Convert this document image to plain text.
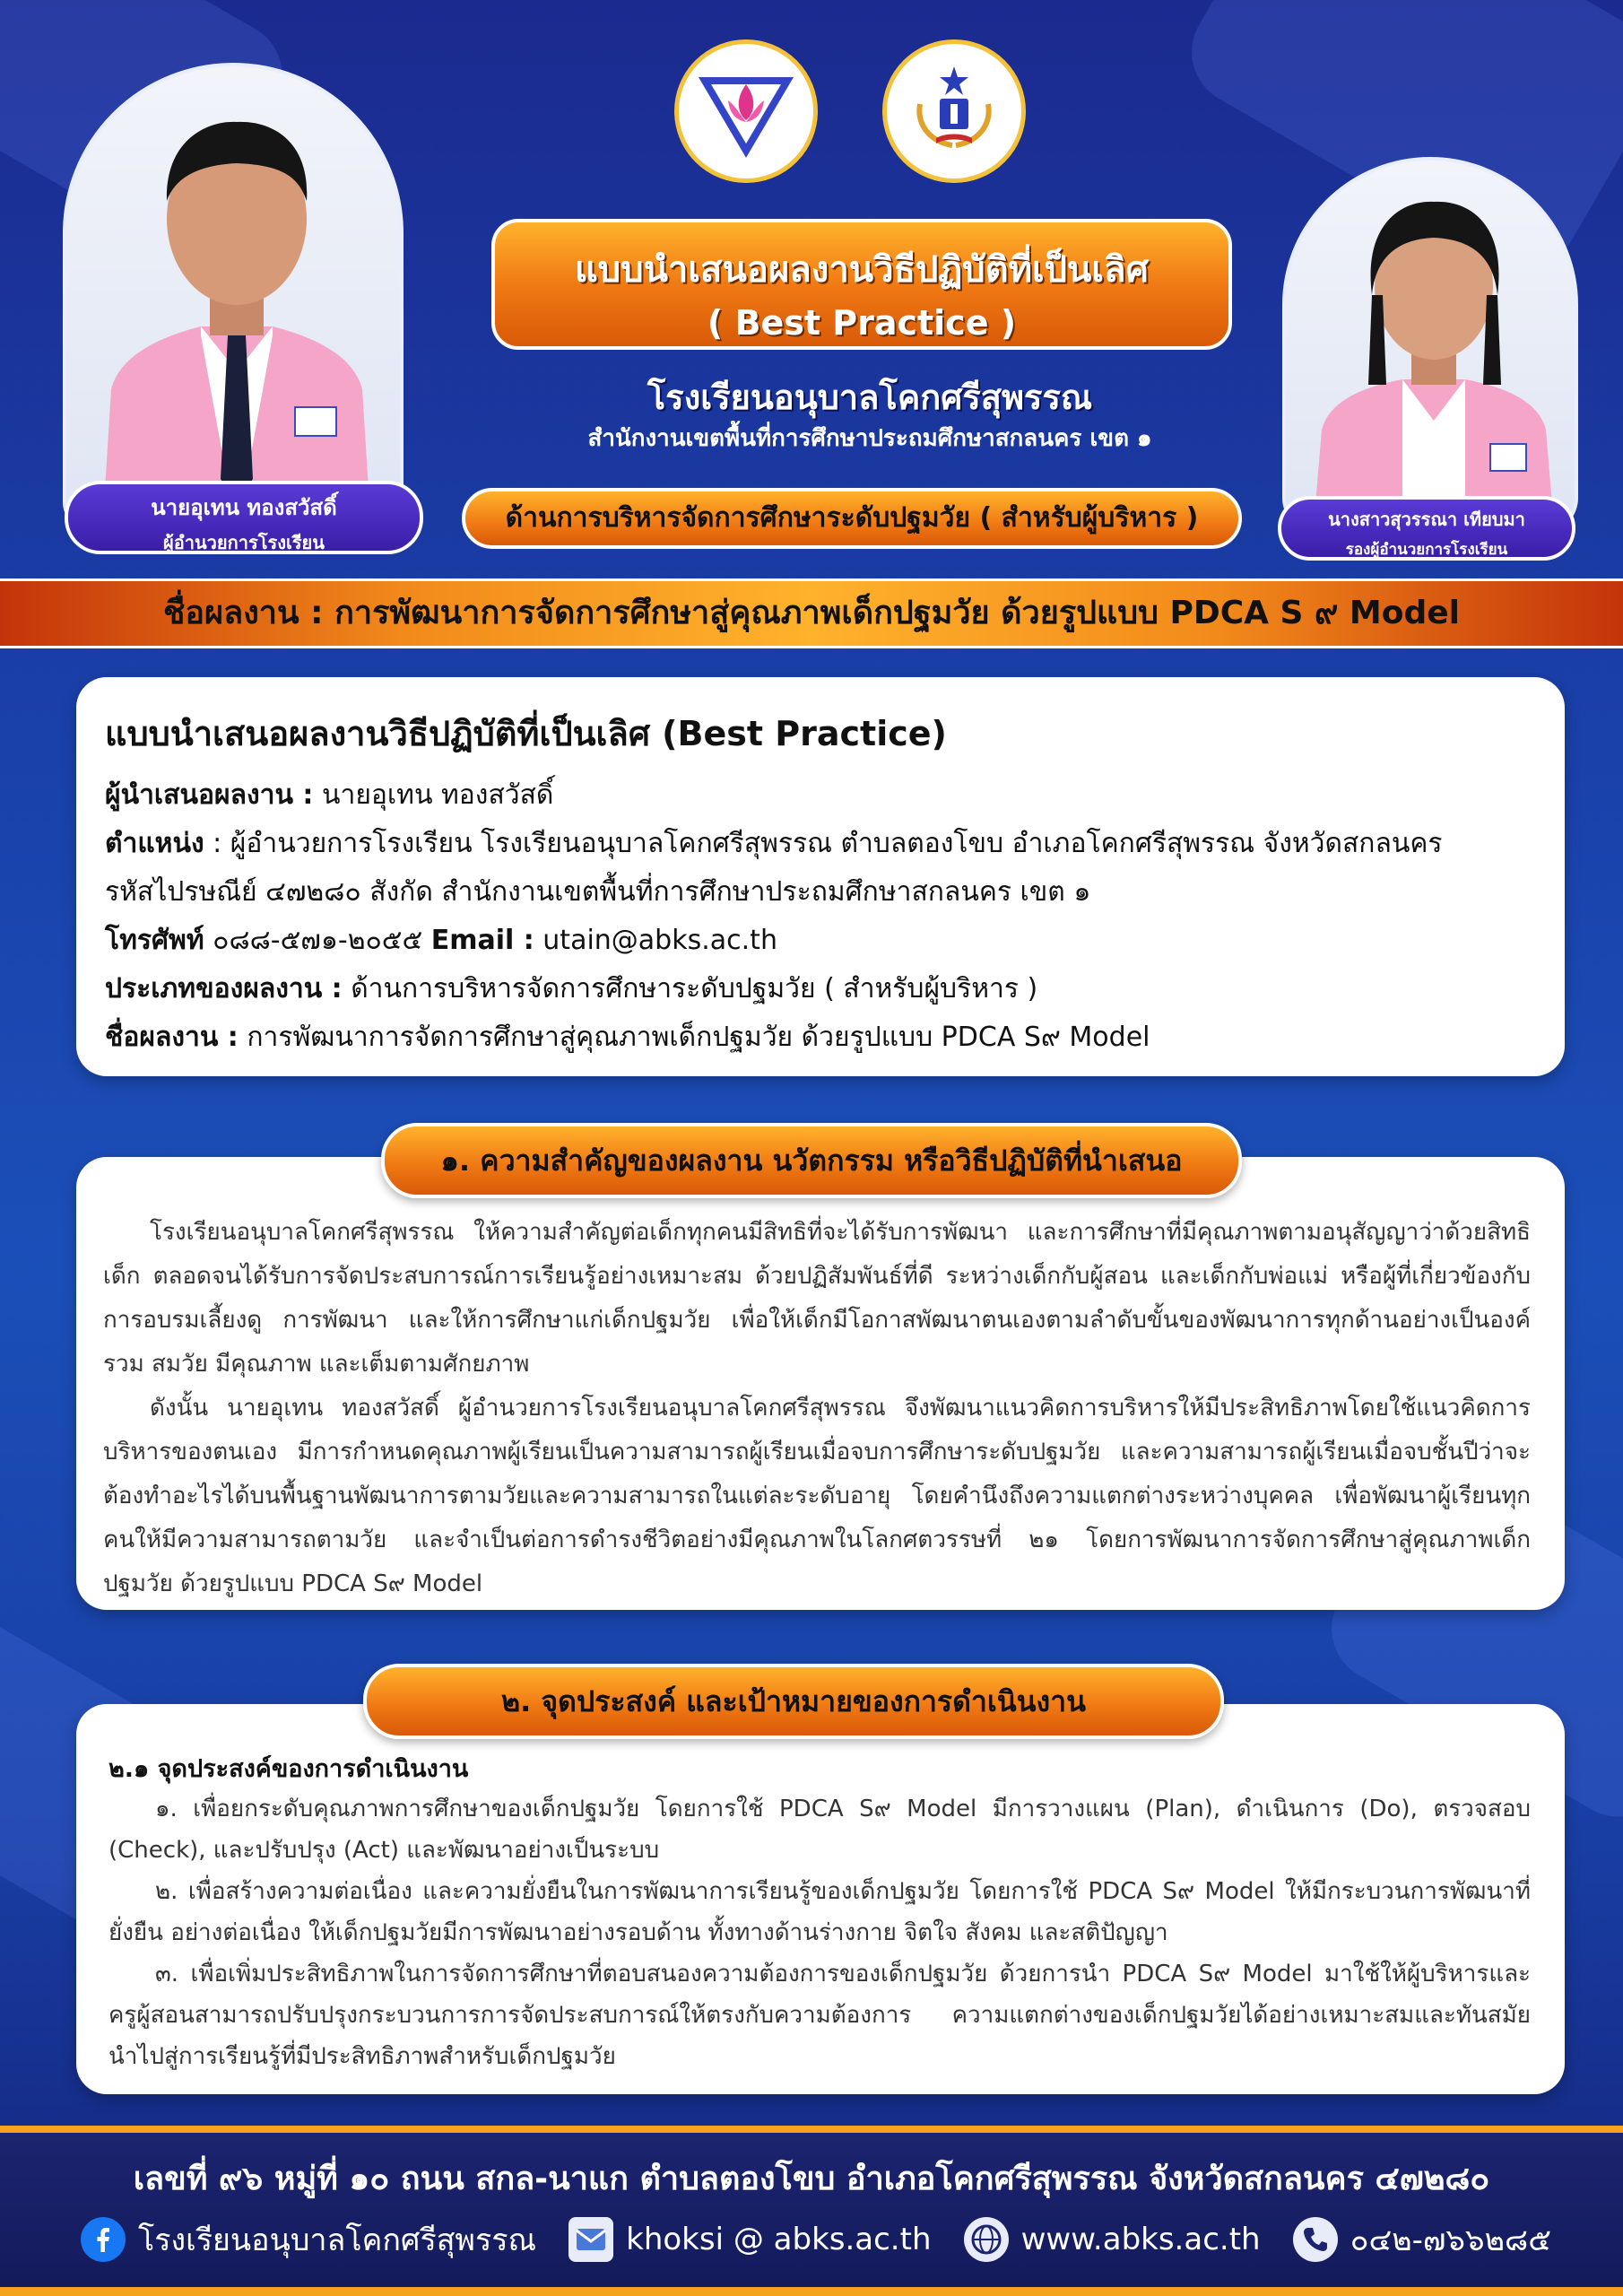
นายอุเทน ทองสวัสดิ์
ผู้อำนวยการโรงเรียน
นางสาวสุวรรณา เทียบมา
รองผู้อำนวยการโรงเรียน
แบบนำเสนอผลงานวิธีปฏิบัติที่เป็นเลิศ
( Best Practice )
โรงเรียนอนุบาลโคกศรีสุพรรณ
สำนักงานเขตพื้นที่การศึกษาประถมศึกษาสกลนคร เขต ๑
ด้านการบริหารจัดการศึกษาระดับปฐมวัย ( สำหรับผู้บริหาร )
ชื่อผลงาน : การพัฒนาการจัดการศึกษาสู่คุณภาพเด็กปฐมวัย ด้วยรูปแบบ PDCA S ๙ Model
แบบนำเสนอผลงานวิธีปฏิบัติที่เป็นเลิศ (Best Practice)
ผู้นำเสนอผลงาน : นายอุเทน ทองสวัสดิ์
ตำแหน่ง : ผู้อำนวยการโรงเรียน โรงเรียนอนุบาลโคกศรีสุพรรณ ตำบลตองโขบ อำเภอโคกศรีสุพรรณ จังหวัดสกลนคร
รหัสไปรษณีย์ ๔๗๒๘๐ สังกัด สำนักงานเขตพื้นที่การศึกษาประถมศึกษาสกลนคร เขต ๑
โทรศัพท์ ๐๘๘-๕๗๑-๒๐๕๕ Email : utain@abks.ac.th
ประเภทของผลงาน : ด้านการบริหารจัดการศึกษาระดับปฐมวัย ( สำหรับผู้บริหาร )
ชื่อผลงาน : การพัฒนาการจัดการศึกษาสู่คุณภาพเด็กปฐมวัย ด้วยรูปแบบ PDCA S๙ Model

โรงเรียนอนุบาลโคกศรีสุพรรณ ให้ความสำคัญต่อเด็กทุกคนมีสิทธิที่จะได้รับการพัฒนา และการศึกษาที่มีคุณภาพตามอนุสัญญาว่าด้วยสิทธิเด็ก ตลอดจนได้รับการจัดประสบการณ์การเรียนรู้อย่างเหมาะสม ด้วยปฏิสัมพันธ์ที่ดี ระหว่างเด็กกับผู้สอน และเด็กกับพ่อแม่ หรือผู้ที่เกี่ยวข้องกับการอบรมเลี้ยงดู การพัฒนา และให้การศึกษาแก่เด็กปฐมวัย เพื่อให้เด็กมีโอกาสพัฒนาตนเองตามลำดับขั้นของพัฒนาการทุกด้านอย่างเป็นองค์รวม สมวัย มีคุณภาพ และเต็มตามศักยภาพ

ดังนั้น นายอุเทน ทองสวัสดิ์ ผู้อำนวยการโรงเรียนอนุบาลโคกศรีสุพรรณ จึงพัฒนาแนวคิดการบริหารให้มีประสิทธิภาพโดยใช้แนวคิดการบริหารของตนเอง มีการกำหนดคุณภาพผู้เรียนเป็นความสามารถผู้เรียนเมื่อจบการศึกษาระดับปฐมวัย และความสามารถผู้เรียนเมื่อจบชั้นปีว่าจะต้องทำอะไรได้บนพื้นฐานพัฒนาการตามวัยและความสามารถในแต่ละระดับอายุ โดยคำนึงถึงความแตกต่างระหว่างบุคคล เพื่อพัฒนาผู้เรียนทุกคนให้มีความสามารถตามวัย และจำเป็นต่อการดำรงชีวิตอย่างมีคุณภาพในโลกศตวรรษที่ ๒๑ โดยการพัฒนาการจัดการศึกษาสู่คุณภาพเด็กปฐมวัย ด้วยรูปแบบ PDCA S๙ Model

๑. ความสำคัญของผลงาน นวัตกรรม หรือวิธีปฏิบัติที่นำเสนอ
๒.๑ จุดประสงค์ของการดำเนินงาน

๑. เพื่อยกระดับคุณภาพการศึกษาของเด็กปฐมวัย โดยการใช้ PDCA S๙ Model มีการวางแผน (Plan), ดำเนินการ (Do), ตรวจสอบ (Check), และปรับปรุง (Act) และพัฒนาอย่างเป็นระบบ

๒. เพื่อสร้างความต่อเนื่อง และความยั่งยืนในการพัฒนาการเรียนรู้ของเด็กปฐมวัย โดยการใช้ PDCA S๙ Model ให้มีกระบวนการพัฒนาที่ยั่งยืน อย่างต่อเนื่อง ให้เด็กปฐมวัยมีการพัฒนาอย่างรอบด้าน ทั้งทางด้านร่างกาย จิตใจ สังคม และสติปัญญา

๓. เพื่อเพิ่มประสิทธิภาพในการจัดการศึกษาที่ตอบสนองความต้องการของเด็กปฐมวัย ด้วยการนำ PDCA S๙ Model มาใช้ให้ผู้บริหารและครูผู้สอนสามารถปรับปรุงกระบวนการการจัดประสบการณ์ให้ตรงกับความต้องการ ความแตกต่างของเด็กปฐมวัยได้อย่างเหมาะสมและทันสมัย นำไปสู่การเรียนรู้ที่มีประสิทธิภาพสำหรับเด็กปฐมวัย

๒. จุดประสงค์ และเป้าหมายของการดำเนินงาน
เลขที่ ๙๖ หมู่ที่ ๑๐ ถนน สกล-นาแก ตำบลตองโขบ อำเภอโคกศรีสุพรรณ จังหวัดสกลนคร ๔๗๒๘๐
โรงเรียนอนุบาลโคกศรีสุพรรณ	khoksi @ abks.ac.th	www.abks.ac.th	๐๔๒-๗๖๖๒๘๕
